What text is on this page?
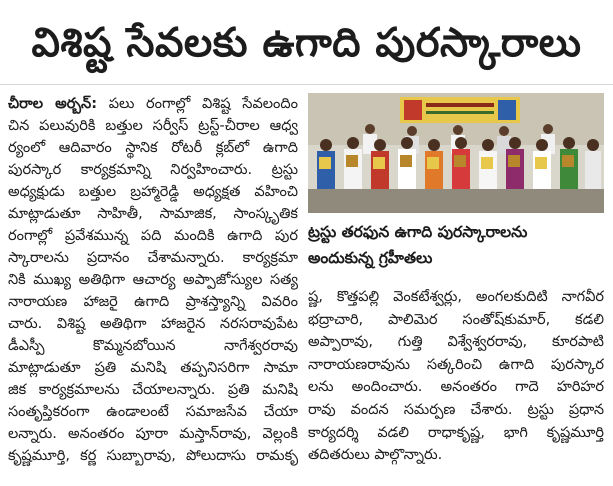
విశిష్ట సేవలకు ఉగాది పురస్కారాలు
చీరాల అర్బన్: పలు రంగాల్లో విశిష్ట సేవలందిం
చిన పలువురికి బత్తుల సర్వీస్ ట్రస్ట్-చీరాల ఆధ్వ
ర్యంలో ఆదివారం స్థానిక రోటరీ క్లబ్‌లో ఉగాది
పురస్కార కార్యక్రమాన్ని నిర్వహించారు. ట్రస్టు
అధ్యక్షుడు బత్తుల బ్రహ్మారెడ్డి అధ్యక్షత వహించి
మాట్లాడుతూ సాహితీ, సామాజిక, సాంస్కృతిక
రంగాల్లో ప్రవేశమున్న పది మందికి ఉగాది పుర
స్కారాలను ప్రదానం చేశామన్నారు. కార్యక్రమా
నికి ముఖ్య అతిథిగా ఆచార్య అప్పాజోస్యుల సత్య
నారాయణ హాజరై ఉగాది ప్రాశస్త్యాన్ని వివరిం
చారు. విశిష్ట అతిథిగా హాజరైన నరసరావుపేట
డీఎస్పీ కొమ్మనబోయిన నాగేశ్వరరావు
మాట్లాడుతూ ప్రతి మనిషి తప్పనిసరిగా సామా
జిక కార్యక్రమాలను చేయాలన్నారు. ప్రతి మనిషి
సంతృప్తికరంగా ఉండాలంటే సమాజసేవ చేయా
లన్నారు. అనంతరం పూరా మస్తాన్‌రావు, వెల్లంకి
కృష్ణమూర్తి, కర్ణ సుబ్బారావు, పోలుదాసు రామకృ
ట్రస్టు తరఫున ఉగాది పురస్కారాలను
అందుకున్న గ్రహీతలు
ష్ణ, కొత్తపల్లి వెంకటేశ్వర్లు, అంగలకుదిటి నాగవీర
భద్రాచారి, పాలిమెర సంతోష్‌కుమార్, కడలి
అప్పారావు, గుత్తి విశ్వేశ్వరరావు, కూరపాటి
నారాయణరావును సత్కరించి ఉగాది పురస్కార
లను అందించారు. అనంతరం గాదె హరిహర
రావు వందన సమర్పణ చేశారు. ట్రస్టు ప్రధాన
కార్యదర్శి వడలి రాధాకృష్ణ, భాగి కృష్ణమూర్తి
తదితరులు పాల్గొన్నారు.
